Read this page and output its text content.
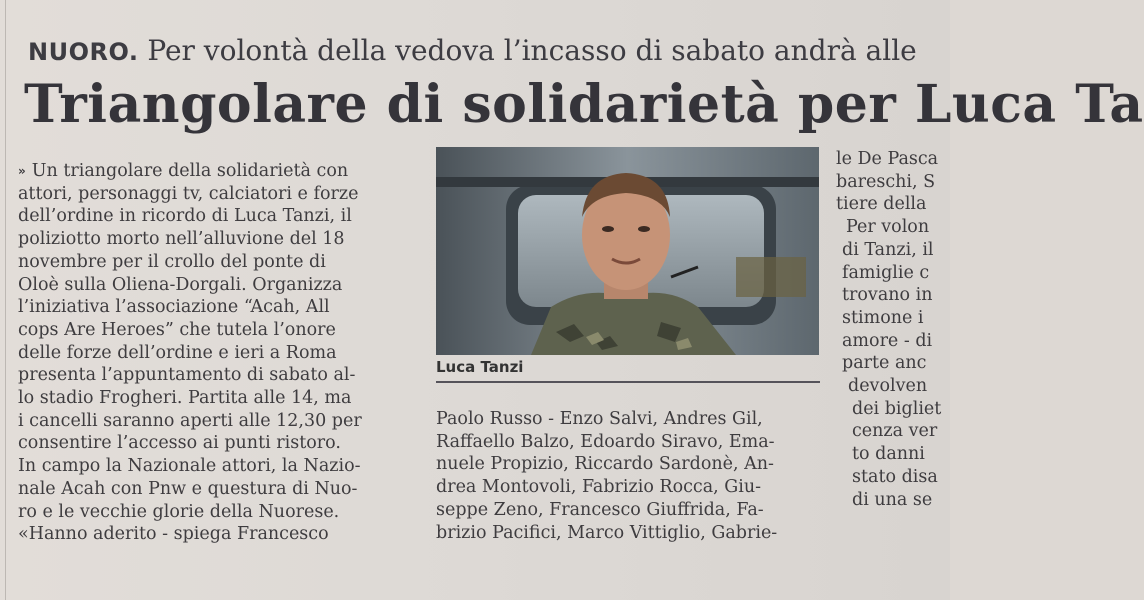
NUORO. Per volontà della vedova l’incasso di sabato andrà alle
Triangolare di solidarietà per Luca Ta
» Un triangolare della solidarietà con
attori, personaggi tv, calciatori e forze
dell’ordine in ricordo di Luca Tanzi, il
poliziotto morto nell’alluvione del 18
novembre per il crollo del ponte di
Oloè sulla Oliena-Dorgali. Organizza
l’iniziativa l’associazione “Acah, All
cops Are Heroes” che tutela l’onore
delle forze dell’ordine e ieri a Roma
presenta l’appuntamento di sabato al-
lo stadio Frogheri. Partita alle 14, ma
i cancelli saranno aperti alle 12,30 per
consentire l’accesso ai punti ristoro.
In campo la Nazionale attori, la Nazio-
nale Acah con Pnw e questura di Nuo-
ro e le vecchie glorie della Nuorese.
«Hanno aderito - spiega Francesco
Luca Tanzi
Paolo Russo - Enzo Salvi, Andres Gil,
Raffaello Balzo, Edoardo Siravo, Ema-
nuele Propizio, Riccardo Sardonè, An-
drea Montovoli, Fabrizio Rocca, Giu-
seppe Zeno, Francesco Giuffrida, Fa-
brizio Pacifici, Marco Vittiglio, Gabrie-
le De Pasca
bareschi, S
tiere della
Per volon
di Tanzi, il
famiglie c
trovano in
stimone i
amore - di
parte anc
devolven
dei bigliet
cenza ver
to danni
stato disa
di una se
